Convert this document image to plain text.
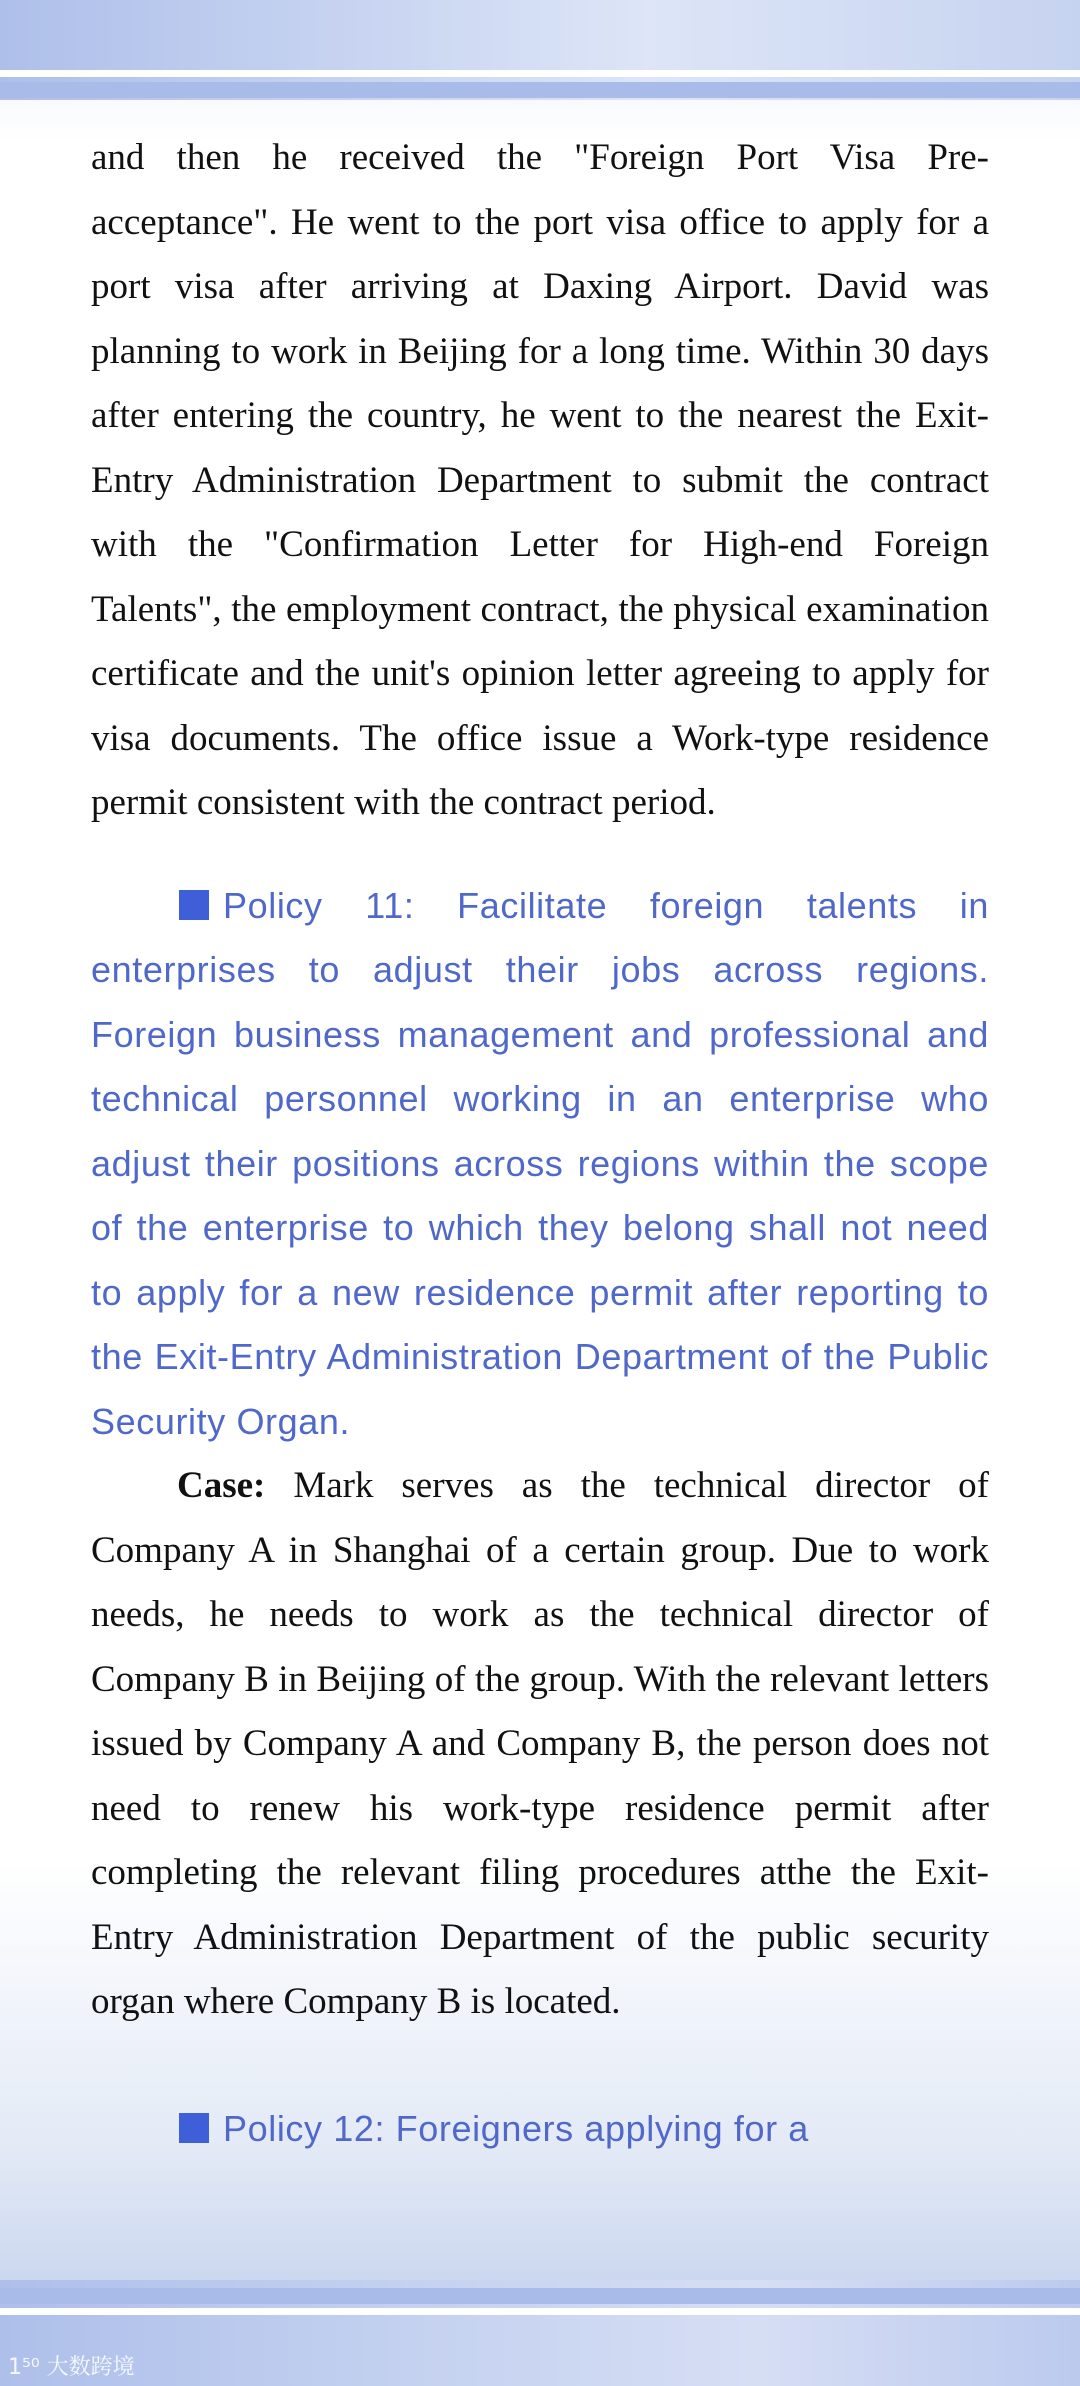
and then he received the "Foreign Port Visa Pre-acceptance". He went to the port visa office to apply for a port visa after arriving at Daxing Airport. David was planning to work in Beijing for a long time. Within 30 days after entering the country, he went to the nearest the Exit-Entry Administration Department to submit the contract with the "Confirmation Letter for High-end Foreign Talents", the employment contract, the physical examination certificate and the unit's opinion letter agreeing to apply for visa documents. The office issue a Work-type residence permit consistent with the contract period.

Policy 11: Facilitate foreign talents in enterprises to adjust their jobs across regions. Foreign business management and professional and technical personnel working in an enterprise who adjust their positions across regions within the scope of the enterprise to which they belong shall not need to apply for a new residence permit after reporting to the Exit-Entry Administration Department of the Public Security Organ.

Case: Mark serves as the technical director of Company A in Shanghai of a certain group. Due to work needs, he needs to work as the technical director of Company B in Beijing of the group. With the relevant letters issued by Company A and Company B, the person does not need to renew his work-type residence permit after completing the relevant filing procedures atthe the Exit-Entry Administration Department of the public security organ where Company B is located.

Policy 12: Foreigners applying for a

1⁵⁰ 大数跨境
